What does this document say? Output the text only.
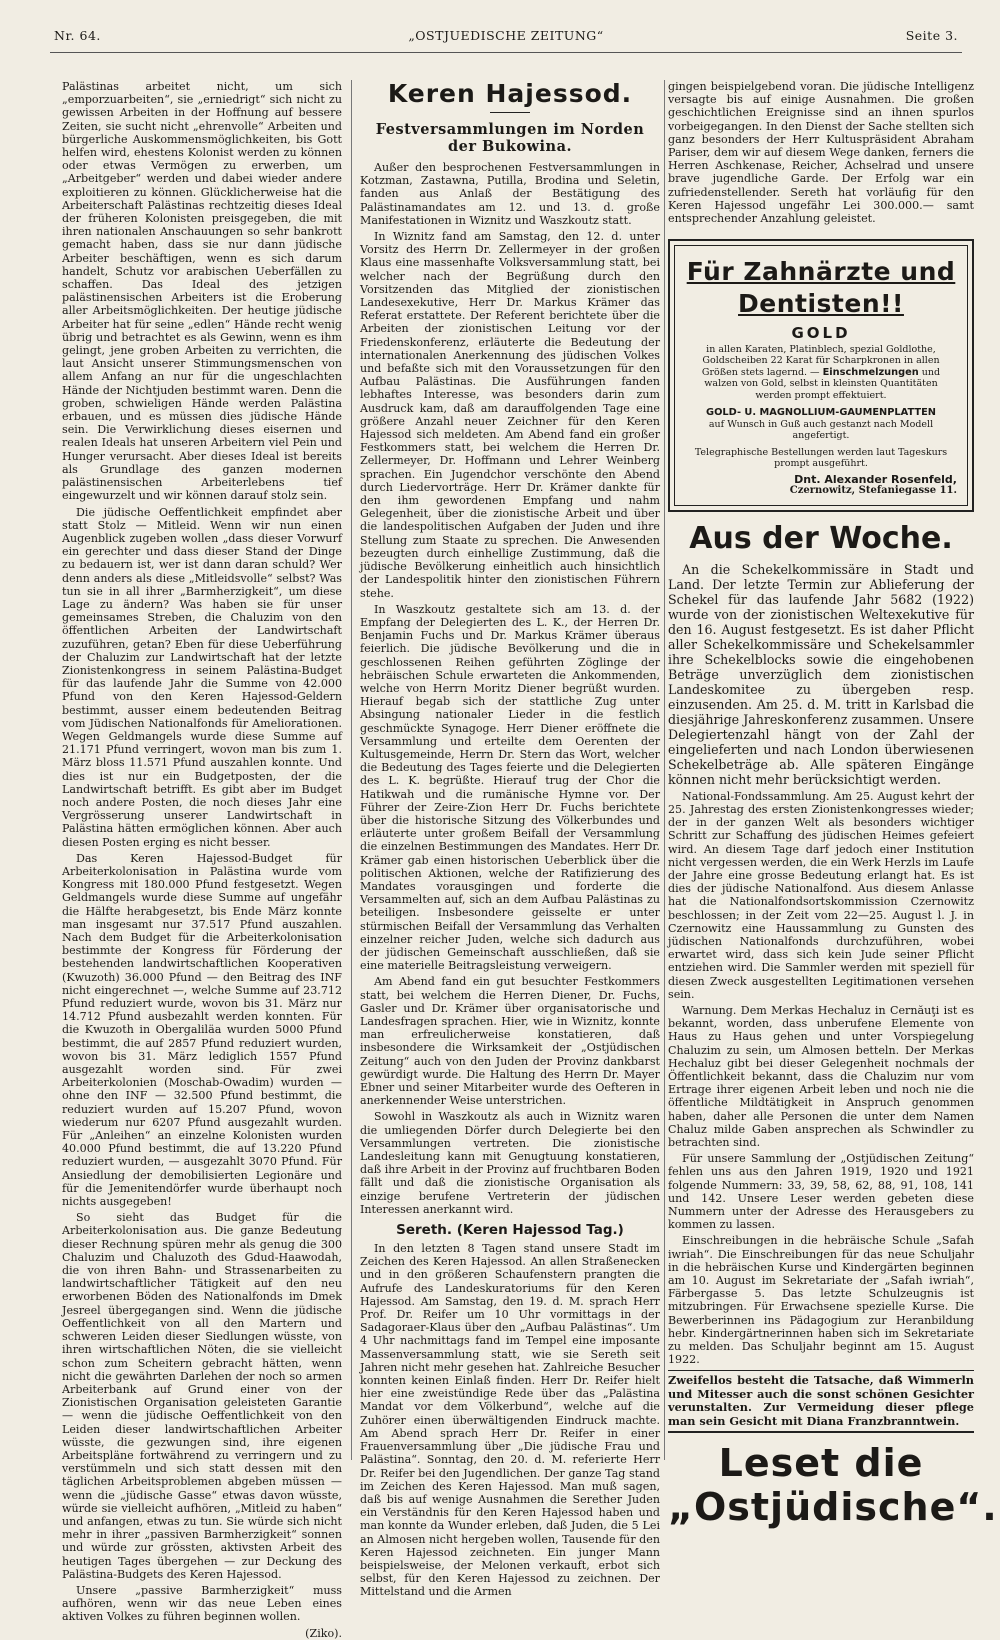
Nr. 64.	„OSTJUEDISCHE ZEITUNG“	Seite 3.

Palästinas arbeitet nicht, um sich „emporzuarbeiten“, sie „erniedrigt“ sich nicht zu gewissen Arbeiten in der Hoffnung auf bessere Zeiten, sie sucht nicht „ehrenvolle“ Arbeiten und bürgerliche Auskommensmöglichkeiten, bis Gott helfen wird, ehestens Kolonist werden zu können oder etwas Vermögen zu erwerben, um „Arbeitgeber“ werden und dabei wieder andere exploitieren zu können. Glücklicherweise hat die Arbeiterschaft Palästinas rechtzeitig dieses Ideal der früheren Kolonisten preisgegeben, die mit ihren nationalen Anschauungen so sehr bankrott gemacht haben, dass sie nur dann jüdische Arbeiter beschäftigen, wenn es sich darum handelt, Schutz vor arabischen Ueberfällen zu schaffen. Das Ideal des jetzigen palästinensischen Arbeiters ist die Eroberung aller Arbeitsmöglichkeiten. Der heutige jüdische Arbeiter hat für seine „edlen“ Hände recht wenig übrig und betrachtet es als Gewinn, wenn es ihm gelingt, jene groben Arbeiten zu verrichten, die laut Ansicht unserer Stimmungsmenschen von allem Anfang an nur für die ungeschlachten Hände der Nichtjuden bestimmt waren. Denn die groben, schwieligen Hände werden Palästina erbauen, und es müssen dies jüdische Hände sein. Die Verwirklichung dieses eisernen und realen Ideals hat unseren Arbeitern viel Pein und Hunger verursacht. Aber dieses Ideal ist bereits als Grundlage des ganzen modernen palästinensischen Arbeiterlebens tief eingewurzelt und wir können darauf stolz sein.

Die jüdische Oeffentlichkeit empfindet aber statt Stolz — Mitleid. Wenn wir nun einen Augenblick zugeben wollen „dass dieser Vorwurf ein gerechter und dass dieser Stand der Dinge zu bedauern ist, wer ist dann daran schuld? Wer denn anders als diese „Mitleidsvolle“ selbst? Was tun sie in all ihrer „Barmherzigkeit“, um diese Lage zu ändern? Was haben sie für unser gemeinsames Streben, die Chaluzim von den öffentlichen Arbeiten der Landwirtschaft zuzuführen, getan? Eben für diese Ueberführung der Chaluzim zur Landwirtschaft hat der letzte Zionistenkongress in seinem Palästina-Budget für das laufende Jahr die Summe von 42.000 Pfund von den Keren Hajessod-Geldern bestimmt, ausser einem bedeutenden Beitrag vom Jüdischen Nationalfonds für Ameliorationen. Wegen Geldmangels wurde diese Summe auf 21.171 Pfund verringert, wovon man bis zum 1. März bloss 11.571 Pfund auszahlen konnte. Und dies ist nur ein Budgetposten, der die Landwirtschaft betrifft. Es gibt aber im Budget noch andere Posten, die noch dieses Jahr eine Vergrösserung unserer Landwirtschaft in Palästina hätten ermöglichen können. Aber auch diesen Posten erging es nicht besser.

Das Keren Hajessod-Budget für Arbeiterkolonisation in Palästina wurde vom Kongress mit 180.000 Pfund festgesetzt. Wegen Geldmangels wurde diese Summe auf ungefähr die Hälfte herabgesetzt, bis Ende März konnte man insgesamt nur 37.517 Pfund auszahlen. Nach dem Budget für die Arbeiterkolonisation bestimmte der Kongress für Förderung der bestehenden landwirtschaftlichen Kooperativen (Kwuzoth) 36.000 Pfund — den Beitrag des INF nicht eingerechnet —, welche Summe auf 23.712 Pfund reduziert wurde, wovon bis 31. März nur 14.712 Pfund ausbezahlt werden konnten. Für die Kwuzoth in Obergaliläa wurden 5000 Pfund bestimmt, die auf 2857 Pfund reduziert wurden, wovon bis 31. März lediglich 1557 Pfund ausgezahlt worden sind. Für zwei Arbeiterkolonien (Moschab-Owadim) wurden — ohne den INF — 32.500 Pfund bestimmt, die reduziert wurden auf 15.207 Pfund, wovon wiederum nur 6207 Pfund ausgezahlt wurden. Für „Anleihen“ an einzelne Kolonisten wurden 40.000 Pfund bestimmt, die auf 13.220 Pfund reduziert wurden, — ausgezahlt 3070 Pfund. Für Ansiedlung der demobilisierten Legionäre und für die Jemenitendörfer wurde überhaupt noch nichts ausgegeben!

So sieht das Budget für die Arbeiterkolonisation aus. Die ganze Bedeutung dieser Rechnung spüren mehr als genug die 300 Chaluzim und Chaluzoth des Gdud-Haawodah, die von ihren Bahn- und Strassenarbeiten zu landwirtschaftlicher Tätigkeit auf den neu erworbenen Böden des Nationalfonds im Dmek Jesreel übergegangen sind. Wenn die jüdische Oeffentlichkeit von all den Martern und schweren Leiden dieser Siedlungen wüsste, von ihren wirtschaftlichen Nöten, die sie vielleicht schon zum Scheitern gebracht hätten, wenn nicht die gewährten Darlehen der noch so armen Arbeiterbank auf Grund einer von der Zionistischen Organisation geleisteten Garantie — wenn die jüdische Oeffentlichkeit von den Leiden dieser landwirtschaftlichen Arbeiter wüsste, die gezwungen sind, ihre eigenen Arbeitspläne fortwährend zu verringern und zu verstümmeln und sich statt dessen mit den täglichen Arbeitsproblemen abgeben müssen — wenn die „jüdische Gasse“ etwas davon wüsste, würde sie vielleicht aufhören, „Mitleid zu haben“ und anfangen, etwas zu tun. Sie würde sich nicht mehr in ihrer „passiven Barmherzigkeit“ sonnen und würde zur grössten, aktivsten Arbeit des heutigen Tages übergehen — zur Deckung des Palästina-Budgets des Keren Hajessod.

Unsere „passive Barmherzigkeit“ muss aufhören, wenn wir das neue Leben eines aktiven Volkes zu führen beginnen wollen.

(Ziko).
Keren Hajessod.
Festversammlungen im Norden der Bukowina.

Außer den besprochenen Festversammlungen in Kotzman, Zastawna, Putilla, Brodina und Seletin, fanden aus Anlaß der Bestätigung des Palästinamandates am 12. und 13. d. große Manifestationen in Wiznitz und Waszkoutz statt.

In Wiznitz fand am Samstag, den 12. d. unter Vorsitz des Herrn Dr. Zellermeyer in der großen Klaus eine massenhafte Volksversammlung statt, bei welcher nach der Begrüßung durch den Vorsitzenden das Mitglied der zionistischen Landesexekutive, Herr Dr. Markus Krämer das Referat erstattete. Der Referent berichtete über die Arbeiten der zionistischen Leitung vor der Friedenskonferenz, erläuterte die Bedeutung der internationalen Anerkennung des jüdischen Volkes und befaßte sich mit den Voraussetzungen für den Aufbau Palästinas. Die Ausführungen fanden lebhaftes Interesse, was besonders darin zum Ausdruck kam, daß am darauffolgenden Tage eine größere Anzahl neuer Zeichner für den Keren Hajessod sich meldeten. Am Abend fand ein großer Festkommers statt, bei welchem die Herren Dr. Zellermeyer, Dr. Hoffmann und Lehrer Weinberg sprachen. Ein Jugendchor verschönte den Abend durch Liedervorträge. Herr Dr. Krämer dankte für den ihm gewordenen Empfang und nahm Gelegenheit, über die zionistische Arbeit und über die landespolitischen Aufgaben der Juden und ihre Stellung zum Staate zu sprechen. Die Anwesenden bezeugten durch einhellige Zustimmung, daß die jüdische Bevölkerung einheitlich auch hinsichtlich der Landespolitik hinter den zionistischen Führern stehe.

In Waszkoutz gestaltete sich am 13. d. der Empfang der Delegierten des L. K., der Herren Dr. Benjamin Fuchs und Dr. Markus Krämer überaus feierlich. Die jüdische Bevölkerung und die in geschlossenen Reihen geführten Zöglinge der hebräischen Schule erwarteten die Ankommenden, welche von Herrn Moritz Diener begrüßt wurden. Hierauf begab sich der stattliche Zug unter Absingung nationaler Lieder in die festlich geschmückte Synagoge. Herr Diener eröffnete die Versammlung und erteilte dem Oerenten der Kultusgemeinde, Herrn Dr. Stern das Wort, welcher die Bedeutung des Tages feierte und die Delegierten des L. K. begrüßte. Hierauf trug der Chor die Hatikwah und die rumänische Hymne vor. Der Führer der Zeire-Zion Herr Dr. Fuchs berichtete über die historische Sitzung des Völkerbundes und erläuterte unter großem Beifall der Versammlung die einzelnen Bestimmungen des Mandates. Herr Dr. Krämer gab einen historischen Ueberblick über die politischen Aktionen, welche der Ratifizierung des Mandates vorausgingen und forderte die Versammelten auf, sich an dem Aufbau Palästinas zu beteiligen. Insbesondere geisselte er unter stürmischen Beifall der Versammlung das Verhalten einzelner reicher Juden, welche sich dadurch aus der jüdischen Gemeinschaft ausschließen, daß sie eine materielle Beitragsleistung verweigern.

Am Abend fand ein gut besuchter Festkommers statt, bei welchem die Herren Diener, Dr. Fuchs, Gasler und Dr. Krämer über organisatorische und Landesfragen sprachen. Hier, wie in Wiznitz, konnte man erfreulicherweise konstatieren, daß insbesondere die Wirksamkeit der „Ostjüdischen Zeitung“ auch von den Juden der Provinz dankbarst gewürdigt wurde. Die Haltung des Herrn Dr. Mayer Ebner und seiner Mitarbeiter wurde des Oefteren in anerkennender Weise unterstrichen.

Sowohl in Waszkoutz als auch in Wiznitz waren die umliegenden Dörfer durch Delegierte bei den Versammlungen vertreten. Die zionistische Landesleitung kann mit Genugtuung konstatieren, daß ihre Arbeit in der Provinz auf fruchtbaren Boden fällt und daß die zionistische Organisation als einzige berufene Vertreterin der jüdischen Interessen anerkannt wird.

Sereth. (Keren Hajessod Tag.)

In den letzten 8 Tagen stand unsere Stadt im Zeichen des Keren Hajessod. An allen Straßenecken und in den größeren Schaufenstern prangten die Aufrufe des Landeskuratoriums für den Keren Hajessod. Am Samstag, den 19. d. M. sprach Herr Prof. Dr. Reifer um 10 Uhr vormittags in der Sadagoraer-Klaus über den „Aufbau Palästinas“. Um 4 Uhr nachmittags fand im Tempel eine imposante Massenversammlung statt, wie sie Sereth seit Jahren nicht mehr gesehen hat. Zahlreiche Besucher konnten keinen Einlaß finden. Herr Dr. Reifer hielt hier eine zweistündige Rede über das „Palästina Mandat vor dem Völkerbund“, welche auf die Zuhörer einen überwältigenden Eindruck machte. Am Abend sprach Herr Dr. Reifer in einer Frauenversammlung über „Die jüdische Frau und Palästina“. Sonntag, den 20. d. M. referierte Herr Dr. Reifer bei den Jugendlichen. Der ganze Tag stand im Zeichen des Keren Hajessod. Man muß sagen, daß bis auf wenige Ausnahmen die Serether Juden ein Verständnis für den Keren Hajessod haben und man konnte da Wunder erleben, daß Juden, die 5 Lei an Almosen nicht hergeben wollen, Tausende für den Keren Hajessod zeichneten. Ein junger Mann beispielsweise, der Melonen verkauft, erbot sich selbst, für den Keren Hajessod zu zeichnen. Der Mittelstand und die Armen

gingen beispielgebend voran. Die jüdische Intelligenz versagte bis auf einige Ausnahmen. Die großen geschichtlichen Ereignisse sind an ihnen spurlos vorbeigegangen. In den Dienst der Sache stellten sich ganz besonders der Herr Kultuspräsident Abraham Pariser, dem wir auf diesem Wege danken, ferners die Herren Aschkenase, Reicher, Achselrad und unsere brave jugendliche Garde. Der Erfolg war ein zufriedenstellender. Sereth hat vorläufig für den Keren Hajessod ungefähr Lei 300.000.— samt entsprechender Anzahlung geleistet.

Für Zahnärzte und Dentisten!!
GOLD
in allen Karaten, Platinblech, spezial Goldlothe, Goldscheiben 22 Karat für Scharpkronen in allen Größen stets lagernd. — Einschmelzungen und walzen von Gold, selbst in kleinsten Quantitäten werden prompt effektuiert.
GOLD- U. MAGNOLLIUM-GAUMENPLATTEN
auf Wunsch in Guß auch gestanzt nach Modell angefertigt.
Telegraphische Bestellungen werden laut Tageskurs prompt ausgeführt.
Dnt. Alexander Rosenfeld,
Czernowitz, Stefaniegasse 11.
Aus der Woche.

An die Schekelkommissäre in Stadt und Land. Der letzte Termin zur Ablieferung der Schekel für das laufende Jahr 5682 (1922) wurde von der zionistischen Weltexekutive für den 16. August festgesetzt. Es ist daher Pflicht aller Schekelkommissäre und Schekelsammler ihre Schekelblocks sowie die eingehobenen Beträge unverzüglich dem zionistischen Landeskomitee zu übergeben resp. einzusenden. Am 25. d. M. tritt in Karlsbad die diesjährige Jahreskonferenz zusammen. Unsere Delegiertenzahl hängt von der Zahl der eingelieferten und nach London überwiesenen Schekelbeträge ab. Alle späteren Eingänge können nicht mehr berücksichtigt werden.

National-Fondssammlung. Am 25. August kehrt der 25. Jahrestag des ersten Zionistenkongresses wieder; der in der ganzen Welt als besonders wichtiger Schritt zur Schaffung des jüdischen Heimes gefeiert wird. An diesem Tage darf jedoch einer Institution nicht vergessen werden, die ein Werk Herzls im Laufe der Jahre eine grosse Bedeutung erlangt hat. Es ist dies der jüdische Nationalfond. Aus diesem Anlasse hat die Nationalfondsortskommission Czernowitz beschlossen; in der Zeit vom 22—25. August l. J. in Czernowitz eine Haussammlung zu Gunsten des jüdischen Nationalfonds durchzuführen, wobei erwartet wird, dass sich kein Jude seiner Pflicht entziehen wird. Die Sammler werden mit speziell für diesen Zweck ausgestellten Legitimationen versehen sein.

Warnung. Dem Merkas Hechaluz in Cernăuţi ist es bekannt, worden, dass unberufene Elemente von Haus zu Haus gehen und unter Vorspiegelung Chaluzim zu sein, um Almosen betteln. Der Merkas Hechaluz gibt bei dieser Gelegenheit nochmals der Öffentlichkeit bekannt, dass die Chaluzim nur vom Ertrage ihrer eigenen Arbeit leben und noch nie die öffentliche Mildtätigkeit in Anspruch genommen haben, daher alle Personen die unter dem Namen Chaluz milde Gaben ansprechen als Schwindler zu betrachten sind.

Für unsere Sammlung der „Ostjüdischen Zeitung“ fehlen uns aus den Jahren 1919, 1920 und 1921 folgende Nummern: 33, 39, 58, 62, 88, 91, 108, 141 und 142. Unsere Leser werden gebeten diese Nummern unter der Adresse des Herausgebers zu kommen zu lassen.

Einschreibungen in die hebräische Schule „Safah iwriah“. Die Einschreibungen für das neue Schuljahr in die hebräischen Kurse und Kindergärten beginnen am 10. August im Sekretariate der „Safah iwriah“, Färbergasse 5. Das letzte Schulzeugnis ist mitzubringen. Für Erwachsene spezielle Kurse. Die Bewerberinnen ins Pädagogium zur Heranbildung hebr. Kindergärtnerinnen haben sich im Sekretariate zu melden. Das Schuljahr beginnt am 15. August 1922.

Zweifellos besteht die Tatsache, daß Wimmerln und Mitesser auch die sonst schönen Gesichter verunstalten. Zur Vermeidung dieser pflege man sein Gesicht mit Diana Franzbranntwein.
Leset die „Ostjüdische“.
